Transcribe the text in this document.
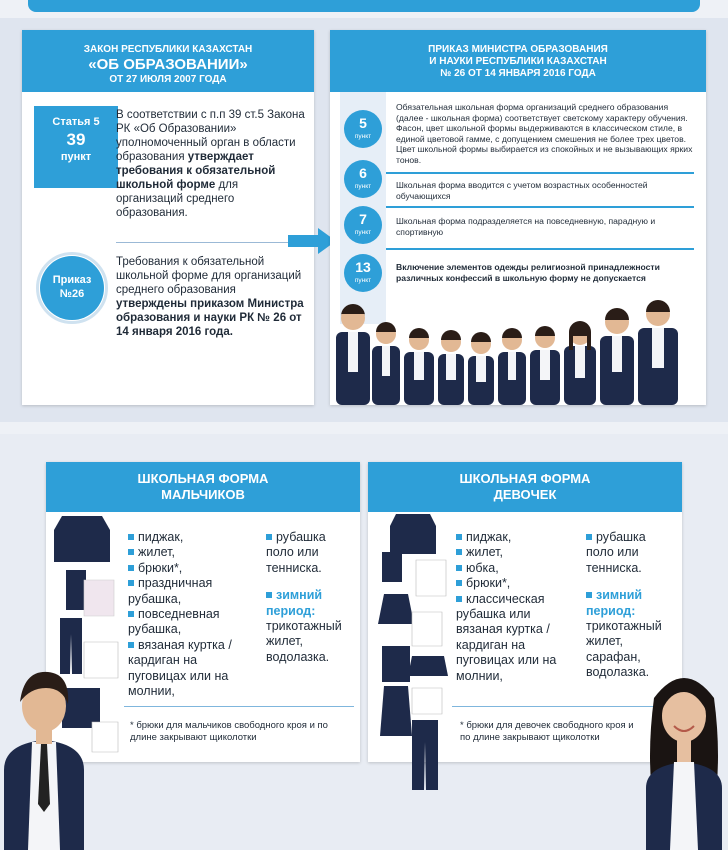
ЗАКОН РЕСПУБЛИКИ КАЗАХСТАН

«ОБ ОБРАЗОВАНИИ»
ОТ 27 ИЮЛЯ 2007 ГОДА
Статья 5
39
пункт
В соответствии с п.п 39 ст.5 Закона РК «Об Образовании» уполномоченный орган в области образования утверждает требования к обязательной школьной форме для организаций среднего образования.
Приказ
№26
Требования к обязательной школьной форме для организаций среднего образования утверждены приказом Министра образования и науки РК № 26 от 14 января 2016 года.
ПРИКАЗ МИНИСТРА ОБРАЗОВАНИЯ
И НАУКИ РЕСПУБЛИКИ КАЗАХСТАН
№ 26 ОТ 14 ЯНВАРЯ 2016 ГОДА
5
пункт
Обязательная школьная форма организаций среднего образования (далее - школьная форма) соответствует светскому характеру обучения. Фасон, цвет школьной формы выдерживаются в классическом стиле, в единой цветовой гамме, с допущением смешения не более трех цветов. Цвет школьной формы выбирается из спокойных и не вызывающих ярких тонов.
6
пункт	Школьная форма вводится с учетом возрастных особенностей обучающихся
7
пункт
Школьная форма подразделяется на повседневную, парадную и спортивную
13
пункт
Включение элементов одежды религиозной принадлежности различных конфессий в школьную форму не допускается
ШКОЛЬНАЯ ФОРМА
МАЛЬЧИКОВ
пиджак,
жилет,
брюки*,
праздничная рубашка,
повседневная рубашка,
вязаная куртка / кардиган на пуговицах или на молнии,
рубашка поло или тенниска.
зимний период:
трикотажный жилет, водолазка.
* брюки для мальчиков свободного кроя и по длине закрывают щиколотки
ШКОЛЬНАЯ ФОРМА
ДЕВОЧЕК
пиджак,
жилет,
юбка,
брюки*,
классическая рубашка или вязаная куртка / кардиган на пуговицах или на молнии,
рубашка поло или тенниска.
зимний период:
трикотажный жилет, сарафан, водолазка.
* брюки для девочек свободного кроя и по длине закрывают щиколотки
